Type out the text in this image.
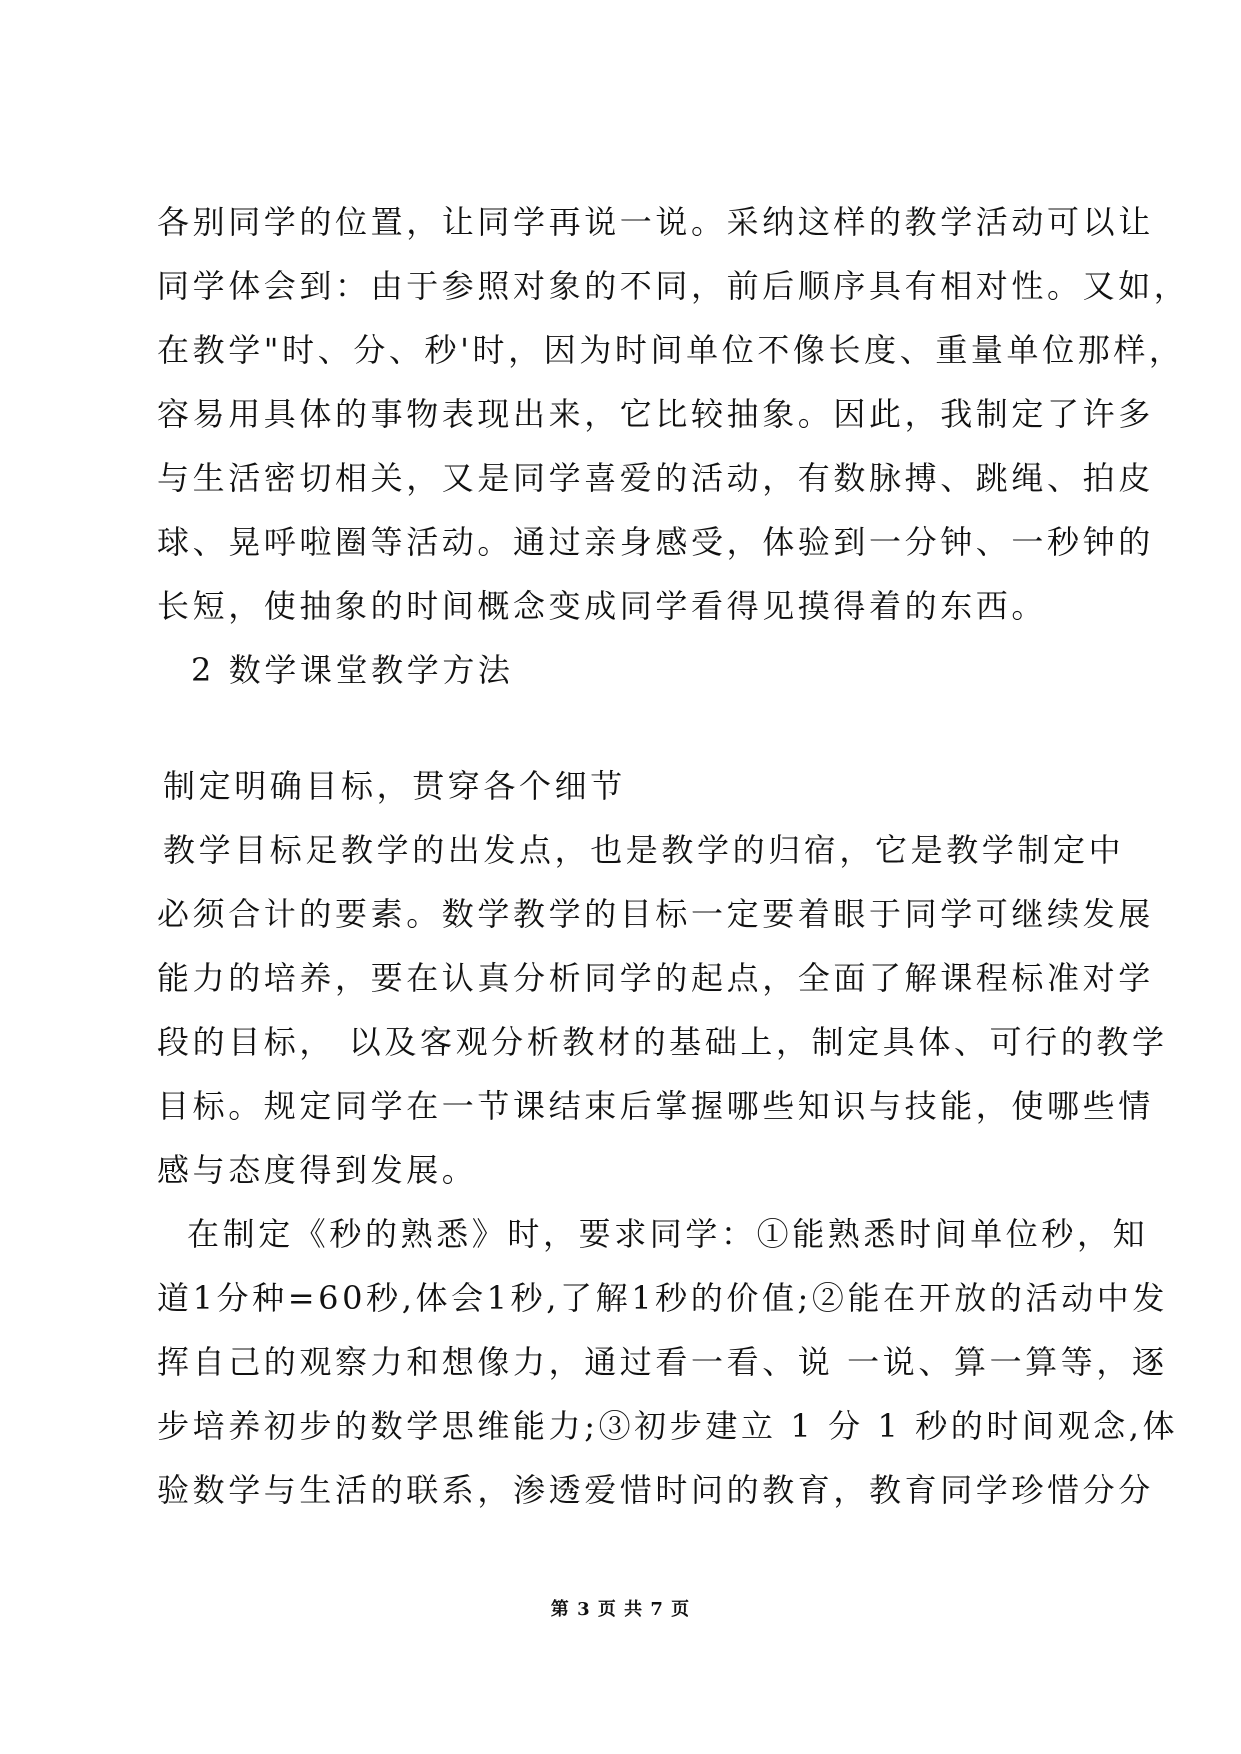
各别同学的位置，让同学再说一说。采纳这样的教学活动可以让
同学体会到：由于参照对象的不同，前后顺序具有相对性。又如，
在教学"时、分、秒'时，因为时间单位不像长度、重量单位那样，
容易用具体的事物表现出来，它比较抽象。因此，我制定了许多
与生活密切相关，又是同学喜爱的活动，有数脉搏、跳绳、拍皮
球、晃呼啦圈等活动。通过亲身感受，体验到一分钟、一秒钟的
长短，使抽象的时间概念变成同学看得见摸得着的东西。
2 数学课堂教学方法
制定明确目标，贯穿各个细节
教学目标足教学的出发点，也是教学的归宿，它是教学制定中
必须合计的要素。数学教学的目标一定要着眼于同学可继续发展
能力的培养，要在认真分析同学的起点，全面了解课程标准对学
段的目标， 以及客观分析教材的基础上，制定具体、可行的教学
目标。规定同学在一节课结束后掌握哪些知识与技能，使哪些情
感与态度得到发展。
在制定《秒的熟悉》时，要求同学：①能熟悉时间单位秒，知
道1分种=60秒,体会1秒,了解1秒的价值;②能在开放的活动中发
挥自己的观察力和想像力，通过看一看、说 一说、算一算等，逐
步培养初步的数学思维能力;③初步建立 1 分 1 秒的时间观念,体
验数学与生活的联系，渗透爱惜时问的教育，教育同学珍惜分分
第 3 页 共 7 页
